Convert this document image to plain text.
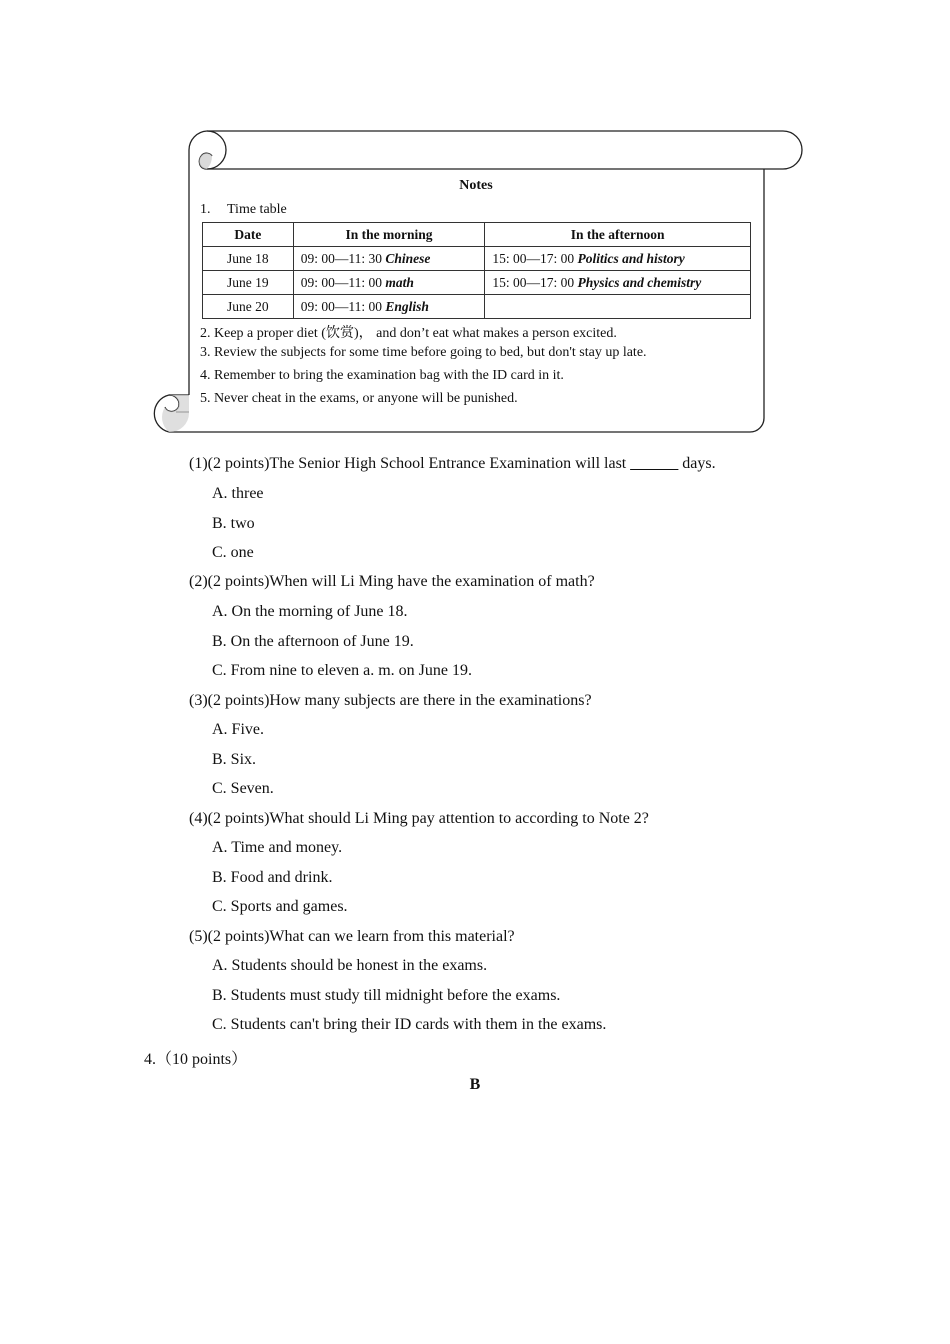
Notes
1. Time table
Date	In the morning	In the afternoon
June 18	09: 00—11: 30 Chinese	15: 00—17: 00 Politics and history
June 19	09: 00—11: 00 math	15: 00—17: 00 Physics and chemistry
June 20	09: 00—11: 00 English	
2. Keep a proper diet (饮赏)， and don’t eat what makes a person excited.
3. Review the subjects for some time before going to bed, but don't stay up late.
4. Remember to bring the examination bag with the ID card in it.
5. Never cheat in the exams, or anyone will be punished.
(1)(2 points)The Senior High School Entrance Examination will last ______ days.
A. three
B. two
C. one
(2)(2 points)When will Li Ming have the examination of math?
A. On the morning of June 18.
B. On the afternoon of June 19.
C. From nine to eleven a. m. on June 19.
(3)(2 points)How many subjects are there in the examinations?
A. Five.
B. Six.
C. Seven.
(4)(2 points)What should Li Ming pay attention to according to Note 2?
A. Time and money.
B. Food and drink.
C. Sports and games.
(5)(2 points)What can we learn from this material?
A. Students should be honest in the exams.
B. Students must study till midnight before the exams.
C. Students can't bring their ID cards with them in the exams.
4.（10 points）
B
